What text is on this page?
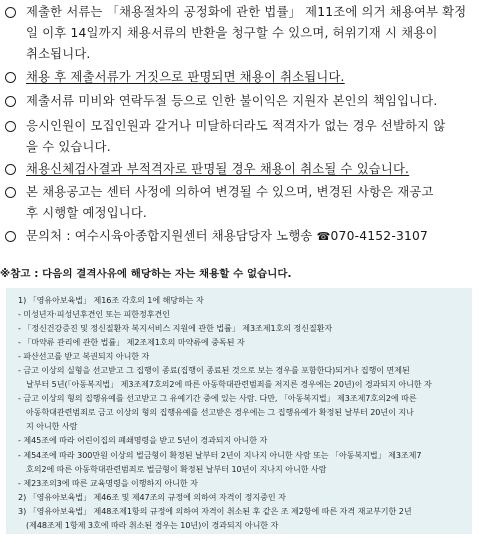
제출한 서류는 「채용절차의 공정화에 관한 법률」 제11조에 의거 채용여부 확정
일 이후 14일까지 채용서류의 반환을 청구할 수 있으며, 허위기재 시 채용이
취소됩니다.
채용 후 제출서류가 거짓으로 판명되면 채용이 취소됩니다.
제출서류 미비와 연락두절 등으로 인한 불이익은 지원자 본인의 책임입니다.
응시인원이 모집인원과 같거나 미달하더라도 적격자가 없는 경우 선발하지 않
을 수 있습니다.
채용신체검사결과 부적격자로 판명될 경우 채용이 취소될 수 있습니다.
본 채용공고는 센터 사정에 의하여 변경될 수 있으며, 변경된 사항은 재공고
후 시행할 예정입니다.
문의처 : 여수시육아종합지원센터 채용담당자 노행송 ☎070-4152-3107
※참고 : 다음의 결격사유에 해당하는 자는 채용할 수 없습니다.
1) 「영유아보육법」 제16조 각호의 1에 해당하는 자
- 미성년자·피성년후견인 또는 피한정후견인
- 「정신건강증진 및 정신질환자 복지서비스 지원에 관한 법률」 제3조제1호의 정신질환자
- 「마약류 관리에 관한 법률」 제2조제1호의 마약류에 중독된 자
- 파산선고를 받고 복권되지 아니한 자
- 금고 이상의 실형을 선고받고 그 집행이 종료(집행이 종료된 것으로 보는 경우를 포함한다)되거나 집행이 면제된
날부터 5년(「아동복지법」 제3조제7호의2에 따른 아동학대관련범죄를 저지른 경우에는 20년)이 경과되지 아니한 자
- 금고 이상의 형의 집행유예를 선고받고 그 유예기간 중에 있는 사람. 다만, 「아동복지법」 제3조제7호의2에 따른
아동학대관련범죄로 금고 이상의 형의 집행유예를 선고받은 경우에는 그 집행유예가 확정된 날부터 20년이 지나
지 아니한 사람
- 제45조에 따라 어린이집의 폐쇄명령을 받고 5년이 경과되지 아니한 자
- 제54조에 따라 300만원 이상의 벌금형이 확정된 날부터 2년이 지나지 아니한 사람 또는 「아동복지법」 제3조제7
호의2에 따른 아동학대관련범죄로 벌금형이 확정된 날부터 10년이 지나지 아니한 사람
- 제23조의3에 따른 교육명령을 이행하지 아니한 자
2) 「영유아보육법」 제46조 및 제47조의 규정에 의하여 자격이 정지중인 자
3) 「영유아보육법」 제48조제1항의 규정에 의하여 자격이 취소된 후 같은 조 제2항에 따른 자격 재교부기한 2년
(제48조제 1항제 3호에 따라 취소된 경우는 10년)이 경과되지 아니한 자
